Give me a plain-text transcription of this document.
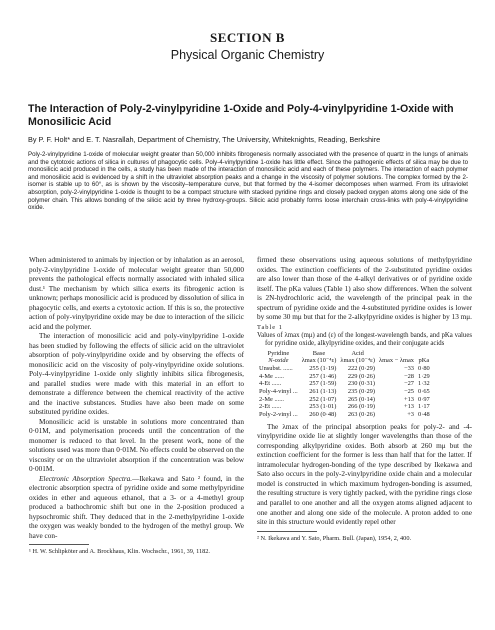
SECTION B
Physical Organic Chemistry
The Interaction of Poly-2-vinylpyridine 1-Oxide and Poly-4-vinylpyridine 1-Oxide with Monosilicic Acid
By P. F. Holt* and E. T. Nasrallah, Department of Chemistry, The University, Whiteknights, Reading, Berkshire
Poly-2-vinylpyridine 1-oxide of molecular weight greater than 50,000 inhibits fibrogenesis normally associated with the presence of quartz in the lungs of animals and the cytotoxic actions of silica in cultures of phagocytic cells. Poly-4-vinylpyridine 1-oxide has little effect. Since the pathogenic effects of silica may be due to monosilicic acid produced in the cells, a study has been made of the interaction of monosilicic acid and each of these polymers. The interaction of each polymer and monosilicic acid is evidenced by a shift in the ultraviolet absorption peaks and a change in the viscosity of polymer solutions. The complex formed by the 2-isomer is stable up to 60°, as is shown by the viscosity–temperature curve, but that formed by the 4-isomer decomposes when warmed. From its ultraviolet absorption, poly-2-vinylpyridine 1-oxide is thought to be a compact structure with stacked pyridine rings and closely packed oxygen atoms along one side of the polymer chain. This allows bonding of the silicic acid by three hydroxy-groups. Silicic acid probably forms loose interchain cross-links with poly-4-vinylpyridine oxide.

When administered to animals by injection or by inhalation as an aerosol, poly-2-vinylpyridine 1-oxide of molecular weight greater than 50,000 prevents the pathological effects normally associated with inhaled silica dust.¹ The mechanism by which silica exerts its fibrogenic action is unknown; perhaps monosilicic acid is produced by dissolution of silica in phagocytic cells, and exerts a cytotoxic action. If this is so, the protective action of poly-vinylpyridine oxide may be due to interaction of the silicic acid and the polymer.

The interaction of monosilicic acid and poly-vinylpyridine 1-oxide has been studied by following the effects of silicic acid on the ultraviolet absorption of poly-vinylpyridine oxide and by observing the effects of monosilicic acid on the viscosity of poly-vinylpyridine oxide solutions. Poly-4-vinylpyridine 1-oxide only slightly inhibits silica fibrogenesis, and parallel studies were made with this material in an effort to demonstrate a difference between the chemical reactivity of the active and the inactive substances. Studies have also been made on some substituted pyridine oxides.

Monosilicic acid is unstable in solutions more concentrated than 0·01M, and polymerisation proceeds until the concentration of the monomer is reduced to that level. In the present work, none of the solutions used was more than 0·01M. No effects could be observed on the viscosity or on the ultraviolet absorption if the concentration was below 0·001M.

Electronic Absorption Spectra.—Ikekawa and Sato ² found, in the electronic absorption spectra of pyridine oxide and some methylpyridine oxides in ether and aqueous ethanol, that a 3- or a 4-methyl group produced a bathochromic shift but one in the 2-position produced a hypsochromic shift. They deduced that in the 2-methylpyridine 1-oxide the oxygen was weakly bonded to the hydrogen of the methyl group. We have con-

¹ H. W. Schlipköter and A. Brockhaus, Klin. Wochschr., 1961, 39, 1182.

firmed these observations using aqueous solutions of methylpyridine oxides. The extinction coefficients of the 2-substituted pyridine oxides are also lower than those of the 4-alkyl derivatives or of pyridine oxide itself. The pKa values (Table 1) also show differences. When the solvent is 2N-hydrochloric acid, the wavelength of the principal peak in the spectrum of pyridine oxide and the 4-substituted pyridine oxides is lower by some 30 mμ but that for the 2-alkylpyridine oxides is higher by 13 mμ.

Table 1

Values of λmax (mμ) and (ε) of the longest-wavelength bands, and pKa values for pyridine oxide, alkylpyridine oxides, and their conjugate acids

Pyridine	Base	Acid		
N-oxide	λmax (10⁻⁴ε)	λmax (10⁻⁴ε)	λmax − λmax	pKa
Unsubst. ......	255 (1·19)	222 (0·29)	−33	0·80
4-Me ......	257 (1·46)	229 (0·26)	−28	1·29
4-Et ......	257 (1·59)	230 (0·31)	−27	1·32
Poly-4-vinyl ...	261 (1·13)	235 (0·29)	−25	0·65
2-Me ......	252 (1·07)	265 (0·14)	+13	0·97
2-Et ......	253 (1·01)	266 (0·19)	+13	1·17
Poly-2-vinyl ...	260 (0·48)	263 (0·26)	+3	0·48

The λmax of the principal absorption peaks for poly-2- and -4-vinylpyridine oxide lie at slightly longer wavelengths than those of the corresponding alkylpyridine oxides. Both absorb at 260 mμ but the extinction coefficient for the former is less than half that for the latter. If intramolecular hydrogen-bonding of the type described by Ikekawa and Sato also occurs in the poly-2-vinylpyridine oxide chain and a molecular model is constructed in which maximum hydrogen-bonding is assumed, the resulting structure is very tightly packed, with the pyridine rings close and parallel to one another and all the oxygen atoms aligned adjacent to one another and along one side of the molecule. A proton added to one site in this structure would evidently repel other

² N. Ikekawa and Y. Sato, Pharm. Bull. (Japan), 1954, 2, 400.
